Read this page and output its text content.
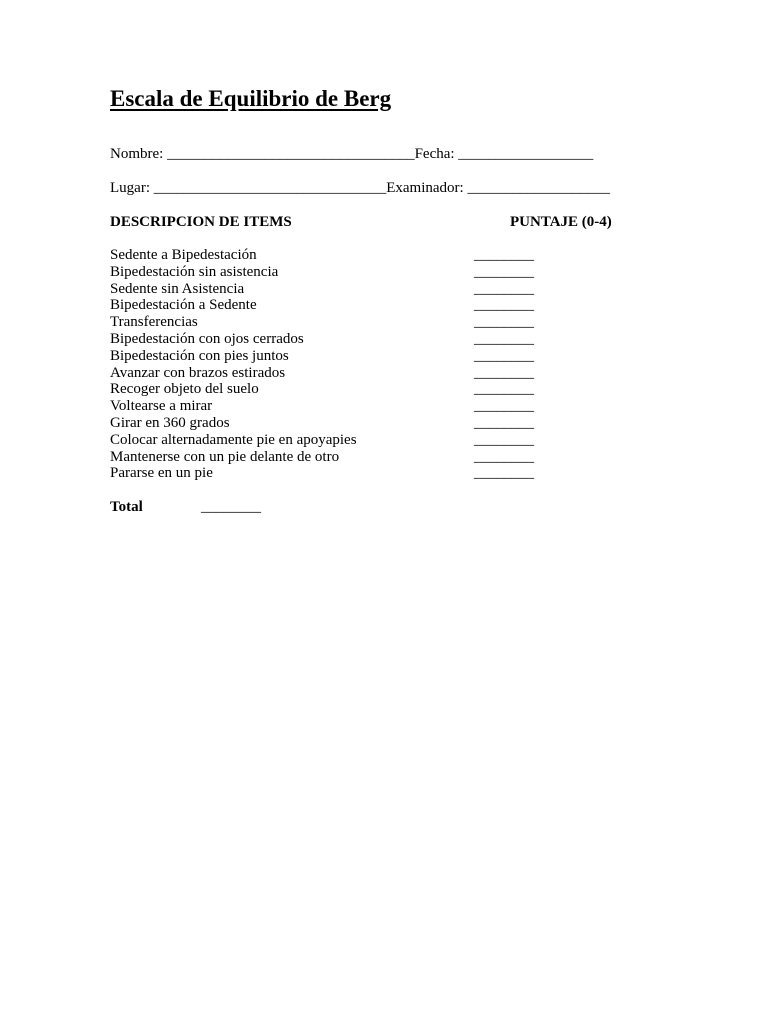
Escala de Equilibrio de Berg

Nombre: _________________________________Fecha: __________________

Lugar: _______________________________Examinador: ___________________

DESCRIPCION DE ITEMS	PUNTAJE (0-4)
Sedente a Bipedestación	________
Bipedestación sin asistencia	________
Sedente sin Asistencia	________
Bipedestación a Sedente	________
Transferencias	________
Bipedestación con ojos cerrados	________
Bipedestación con pies juntos	________
Avanzar con brazos estirados	________
Recoger objeto del suelo	________
Voltearse a mirar	________
Girar en 360 grados	________
Colocar alternadamente pie en apoyapies	________
Mantenerse con un pie delante de otro	________
Pararse en un pie	________
Total	________
